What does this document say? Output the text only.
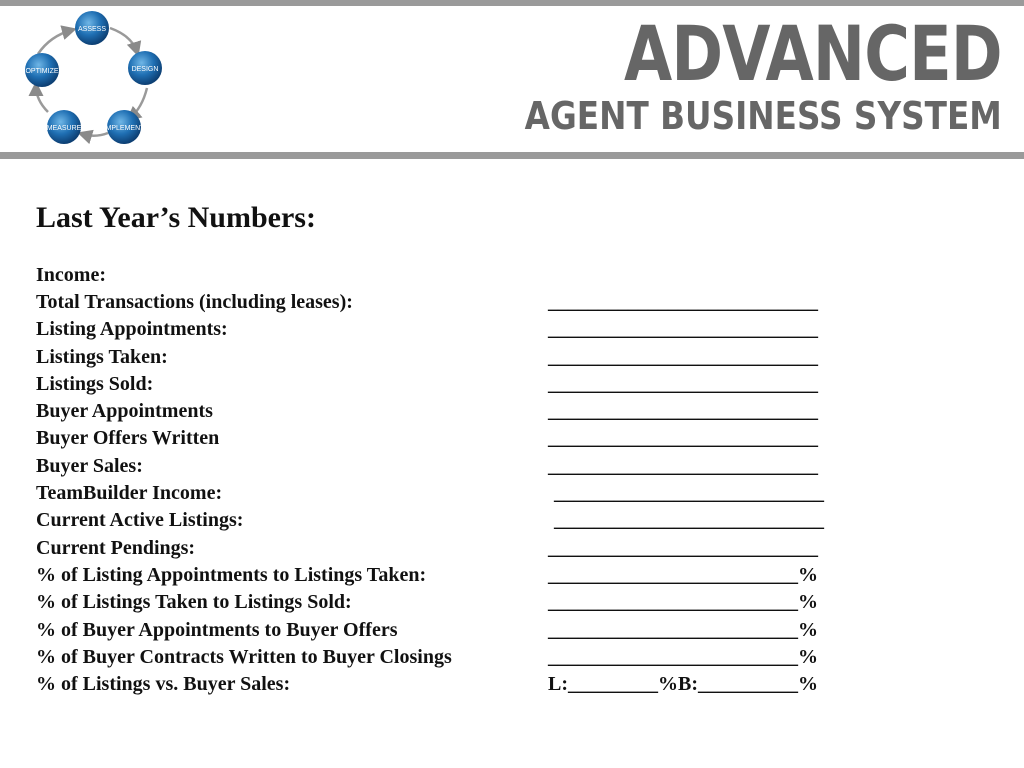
ASSESS
DESIGN
IMPLEMENT
MEASURE
OPTIMIZE	ADVANCED
AGENT BUSINESS SYSTEM
Last Year’s Numbers:
Income:
Total Transactions (including leases):	___________________________
Listing Appointments:	___________________________
Listings Taken:	___________________________
Listings Sold:	___________________________
Buyer Appointments	___________________________
Buyer Offers Written	___________________________
Buyer Sales:	___________________________
TeamBuilder Income:	___________________________
Current Active Listings:	___________________________
Current Pendings:	___________________________
% of Listing Appointments to Listings Taken:	_________________________%
% of Listings Taken to Listings Sold:	_________________________%
% of Buyer Appointments to Buyer Offers	_________________________%
% of Buyer Contracts Written to Buyer Closings	_________________________%
% of Listings vs. Buyer Sales:	L:_________%B:__________%
